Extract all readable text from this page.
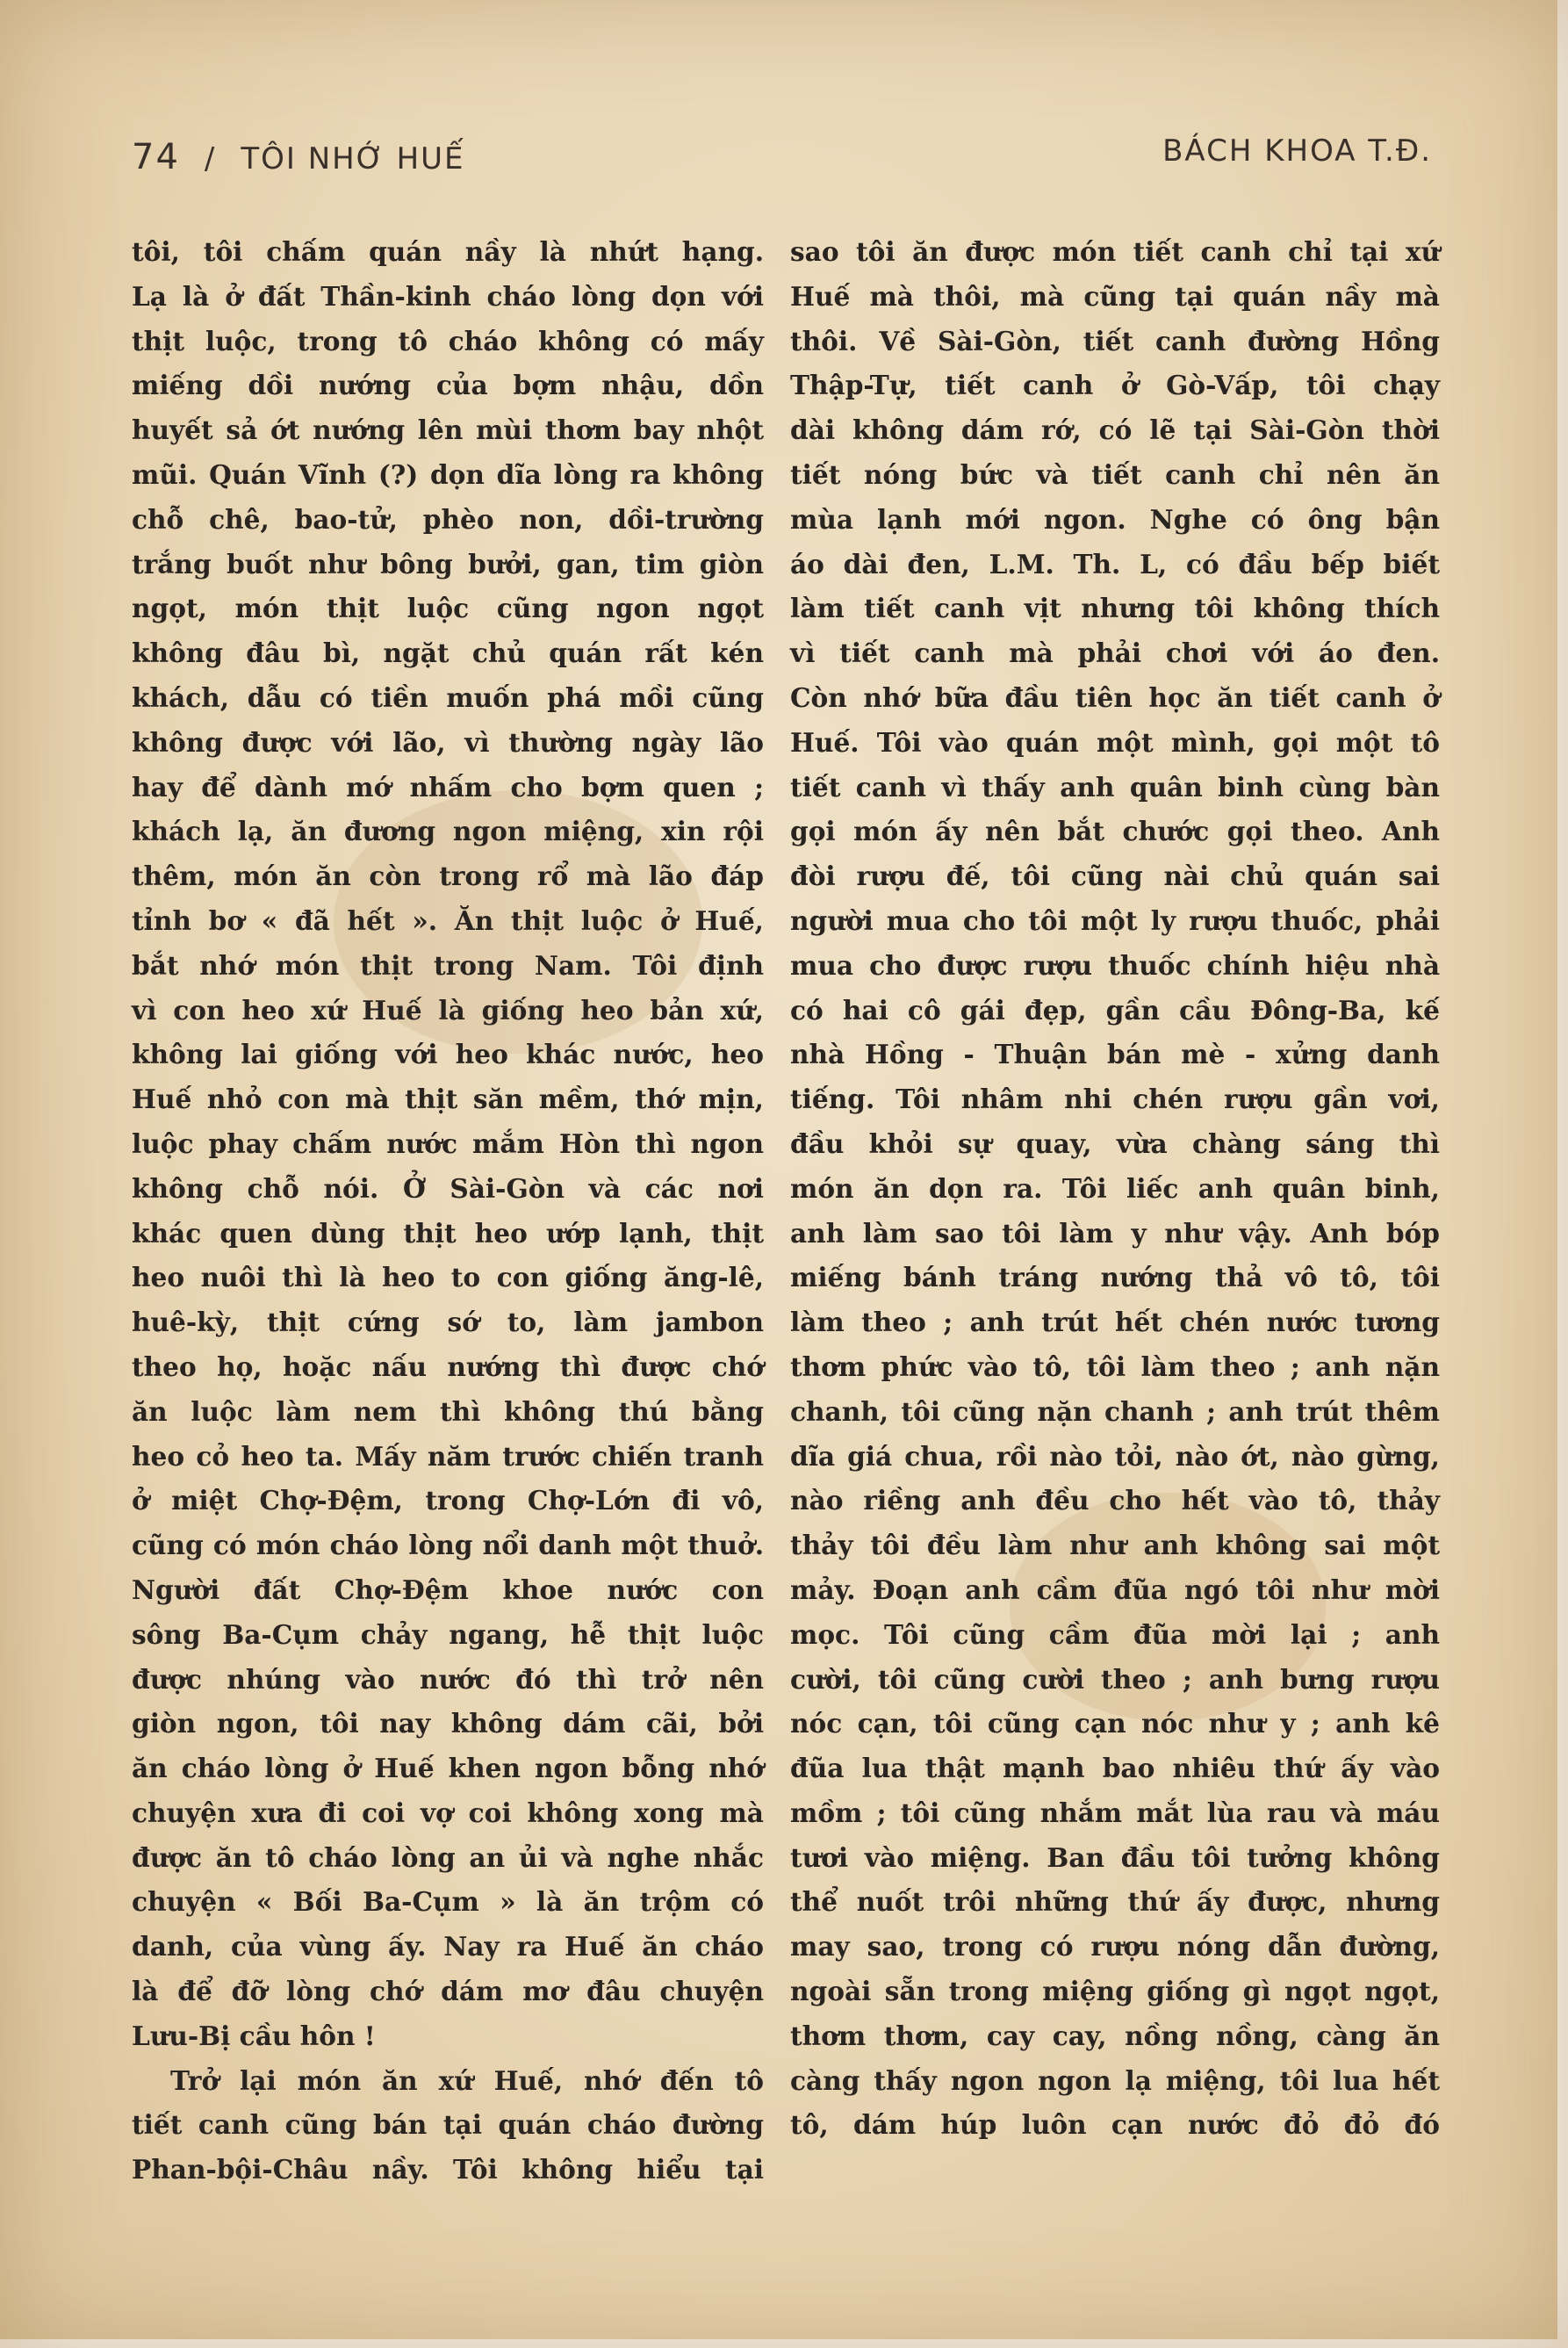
74 / TÔI NHỚ HUẾ	BÁCH KHOA T.Đ.
tôi, tôi chấm quán nầy là nhứt hạng.
Lạ là ở đất Thần-kinh cháo lòng dọn với
thịt luộc, trong tô cháo không có mấy
miếng dồi nướng của bợm nhậu, dồn
huyết sả ớt nướng lên mùi thơm bay nhột
mũi. Quán Vĩnh (?) dọn dĩa lòng ra không
chỗ chê, bao-tử, phèo non, dồi-trường
trắng buốt như bông bưởi, gan, tim giòn
ngọt, món thịt luộc cũng ngon ngọt
không đâu bì, ngặt chủ quán rất kén
khách, dẫu có tiền muốn phá mồi cũng
không được với lão, vì thường ngày lão
hay để dành mớ nhấm cho bợm quen ;
khách lạ, ăn đương ngon miệng, xin rội
thêm, món ăn còn trong rổ mà lão đáp
tỉnh bơ « đã hết ». Ăn thịt luộc ở Huế,
bắt nhớ món thịt trong Nam. Tôi định
vì con heo xứ Huế là giống heo bản xứ,
không lai giống với heo khác nước, heo
Huế nhỏ con mà thịt săn mềm, thớ mịn,
luộc phay chấm nước mắm Hòn thì ngon
không chỗ nói. Ở Sài-Gòn và các nơi
khác quen dùng thịt heo ướp lạnh, thịt
heo nuôi thì là heo to con giống ăng-lê,
huê-kỳ, thịt cứng sớ to, làm jambon
theo họ, hoặc nấu nướng thì được chớ
ăn luộc làm nem thì không thú bằng
heo cỏ heo ta. Mấy năm trước chiến tranh
ở miệt Chợ-Đệm, trong Chợ-Lớn đi vô,
cũng có món cháo lòng nổi danh một thuở.
Người đất Chợ-Đệm khoe nước con
sông Ba-Cụm chảy ngang, hễ thịt luộc
được nhúng vào nước đó thì trở nên
giòn ngon, tôi nay không dám cãi, bởi
ăn cháo lòng ở Huế khen ngon bỗng nhớ
chuyện xưa đi coi vợ coi không xong mà
được ăn tô cháo lòng an ủi và nghe nhắc
chuyện « Bối Ba-Cụm » là ăn trộm có
danh, của vùng ấy. Nay ra Huế ăn cháo
là để đỡ lòng chớ dám mơ đâu chuyện
Lưu-Bị cầu hôn !
Trở lại món ăn xứ Huế, nhớ đến tô
tiết canh cũng bán tại quán cháo đường
Phan-bội-Châu nầy. Tôi không hiểu tại
sao tôi ăn được món tiết canh chỉ tại xứ
Huế mà thôi, mà cũng tại quán nầy mà
thôi. Về Sài-Gòn, tiết canh đường Hồng
Thập-Tự, tiết canh ở Gò-Vấp, tôi chạy
dài không dám rớ, có lẽ tại Sài-Gòn thời
tiết nóng bức và tiết canh chỉ nên ăn
mùa lạnh mới ngon. Nghe có ông bận
áo dài đen, L.M. Th. L, có đầu bếp biết
làm tiết canh vịt nhưng tôi không thích
vì tiết canh mà phải chơi với áo đen.
Còn nhớ bữa đầu tiên học ăn tiết canh ở
Huế. Tôi vào quán một mình, gọi một tô
tiết canh vì thấy anh quân binh cùng bàn
gọi món ấy nên bắt chước gọi theo. Anh
đòi rượu đế, tôi cũng nài chủ quán sai
người mua cho tôi một ly rượu thuốc, phải
mua cho được rượu thuốc chính hiệu nhà
có hai cô gái đẹp, gần cầu Đông-Ba, kế
nhà Hồng - Thuận bán mè - xửng danh
tiếng. Tôi nhâm nhi chén rượu gần vơi,
đầu khỏi sự quay, vừa chàng sáng thì
món ăn dọn ra. Tôi liếc anh quân binh,
anh làm sao tôi làm y như vậy. Anh bóp
miếng bánh tráng nướng thả vô tô, tôi
làm theo ; anh trút hết chén nước tương
thơm phức vào tô, tôi làm theo ; anh nặn
chanh, tôi cũng nặn chanh ; anh trút thêm
dĩa giá chua, rồi nào tỏi, nào ớt, nào gừng,
nào riềng anh đều cho hết vào tô, thảy
thảy tôi đều làm như anh không sai một
mảy. Đoạn anh cầm đũa ngó tôi như mời
mọc. Tôi cũng cầm đũa mời lại ; anh
cười, tôi cũng cười theo ; anh bưng rượu
nóc cạn, tôi cũng cạn nóc như y ; anh kê
đũa lua thật mạnh bao nhiêu thứ ấy vào
mồm ; tôi cũng nhắm mắt lùa rau và máu
tươi vào miệng. Ban đầu tôi tưởng không
thể nuốt trôi những thứ ấy được, nhưng
may sao, trong có rượu nóng dẫn đường,
ngoài sẵn trong miệng giống gì ngọt ngọt,
thơm thơm, cay cay, nồng nồng, càng ăn
càng thấy ngon ngon lạ miệng, tôi lua hết
tô, dám húp luôn cạn nước đỏ đỏ đó
